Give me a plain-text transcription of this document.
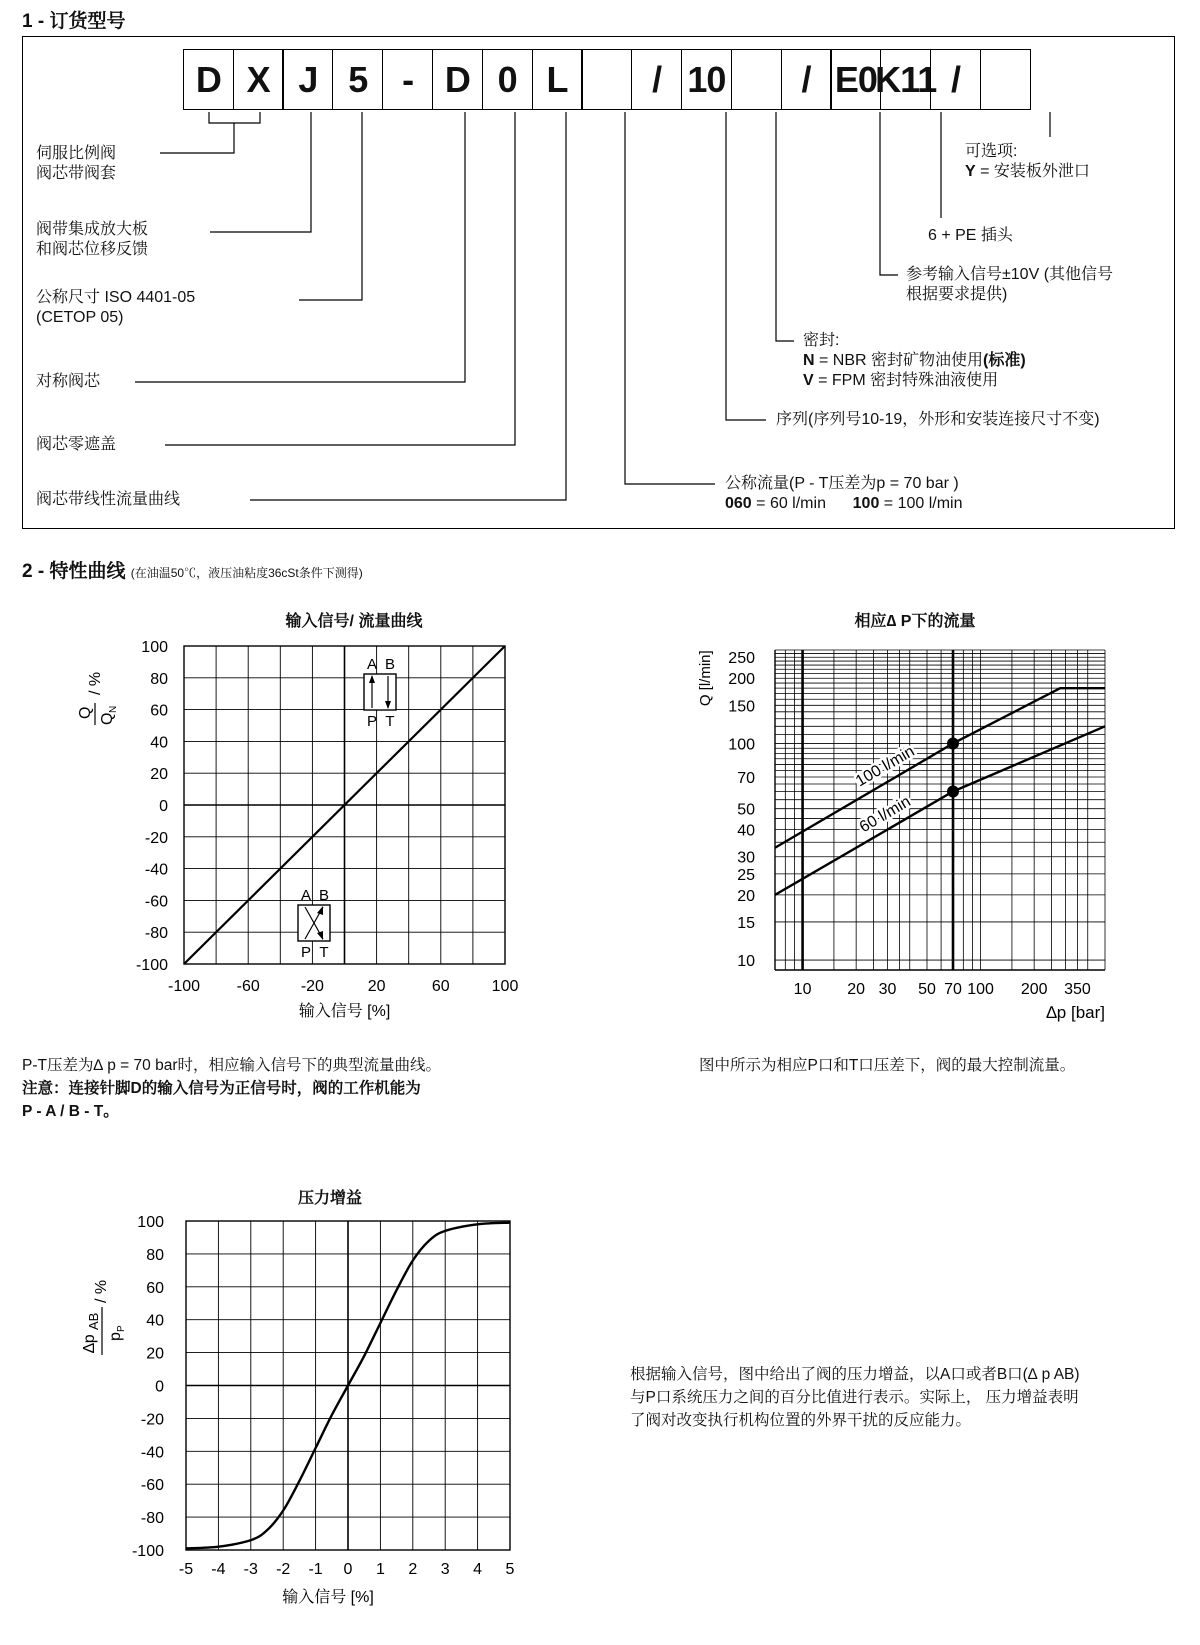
1 - 订货型号
D X J 5 - D 0 L	/ 10	/ E0
K11 /
伺服比例阀
阀芯带阀套
阀带集成放大板
和阀芯位移反馈
公称尺寸 ISO 4401-05
(CETOP 05)
对称阀芯
阀芯零遮盖
阀芯带线性流量曲线
可选项:
Y = 安装板外泄口
6 + PE 插头
参考输入信号±10V (其他信号
根据要求提供)
密封:
N = NBR 密封矿物油使用(标准)
V = FPM 密封特殊油液使用
序列(序列号10-19，外形和安装连接尺寸不变)
公称流量(P - T压差为p = 70 bar )
060 = 60 l/min 100 = 100 l/min
2 - 特性曲线 (在油温50℃，液压油粘度36cSt条件下测得)
输入信号/ 流量曲线
100
80
60
40
20
0
-20
-40
-60
-80
-100
-100 -60	-20	20	60	100
输入信号 [%]
Q Q
N
/ %
A B
P T
A B
P T
P-T压差为∆ p = 70 bar时，相应输入信号下的典型流量曲线。
注意：连接针脚D的输入信号为正信号时，阀的工作机能为
P - A / B - T。
相应∆ P下的流量
250
200
150
100
70
50
40
30
25
20
15
10
10 20 30 50 70 100 200 350
∆p [bar]
Q [l/min]
100 l/min
60 l/min
图中所示为相应P口和T口压差下，阀的最大控制流量。
压力增益
100
80
60
40
20
0
-20
-40
-60
-80
-100
-5 -4 -3 -2 -1 0 1 2 3 4 5
输入信号 [%]
∆p
AB
p
P
/ %
根据输入信号，图中给出了阀的压力增益，以A口或者B口(∆ p AB)
与P口系统压力之间的百分比值进行表示。实际上， 压力增益表明
了阀对改变执行机构位置的外界干扰的反应能力。
